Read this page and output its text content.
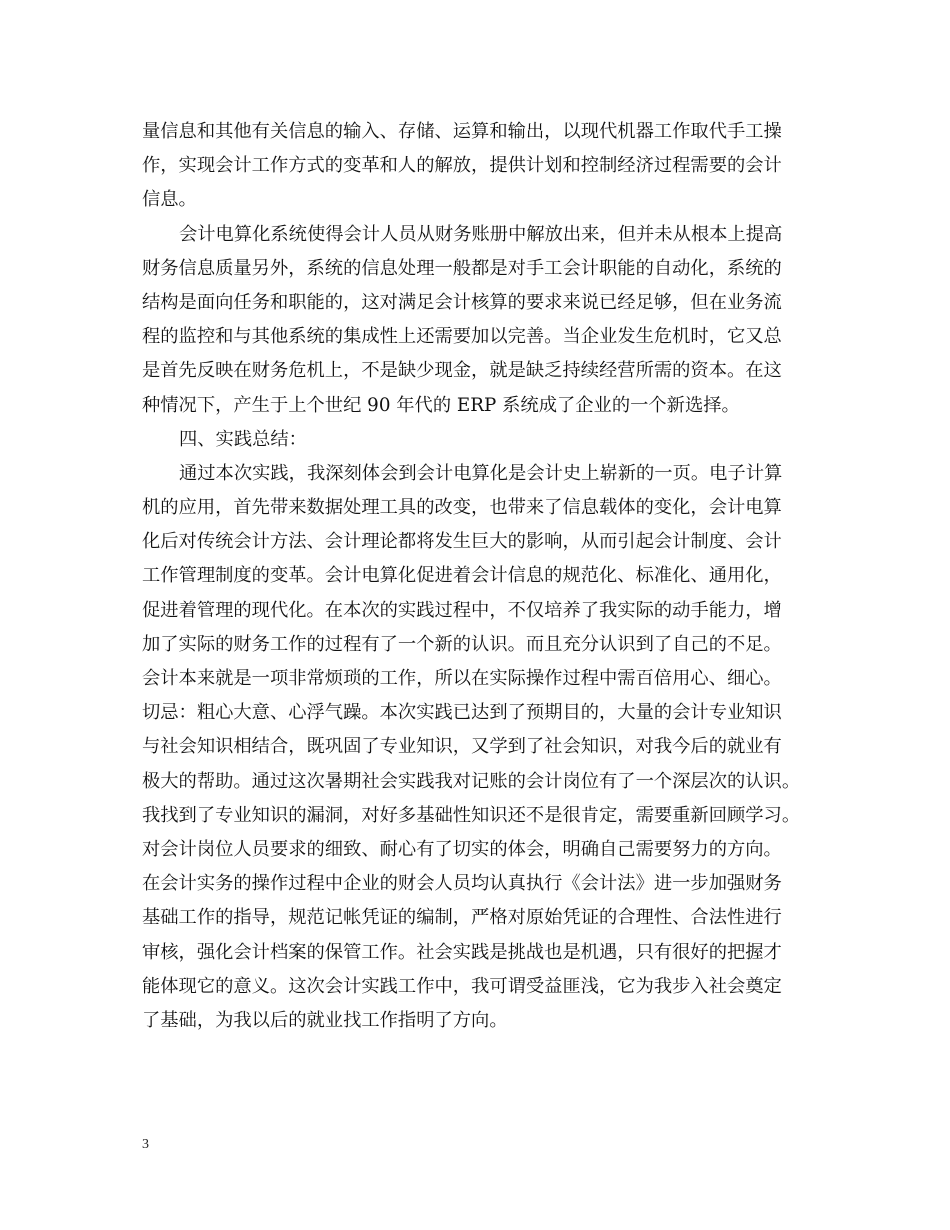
量信息和其他有关信息的输入、存储、运算和输出，以现代机器工作取代手工操
作，实现会计工作方式的变革和人的解放，提供计划和控制经济过程需要的会计
信息。
会计电算化系统使得会计人员从财务账册中解放出来，但并未从根本上提高
财务信息质量另外，系统的信息处理一般都是对手工会计职能的自动化，系统的
结构是面向任务和职能的，这对满足会计核算的要求来说已经足够，但在业务流
程的监控和与其他系统的集成性上还需要加以完善。当企业发生危机时，它又总
是首先反映在财务危机上，不是缺少现金，就是缺乏持续经营所需的资本。在这
种情况下，产生于上个世纪 90 年代的 ERP 系统成了企业的一个新选择。
四、实践总结：
通过本次实践，我深刻体会到会计电算化是会计史上崭新的一页。电子计算
机的应用，首先带来数据处理工具的改变，也带来了信息载体的变化，会计电算
化后对传统会计方法、会计理论都将发生巨大的影响，从而引起会计制度、会计
工作管理制度的变革。会计电算化促进着会计信息的规范化、标准化、通用化，
促进着管理的现代化。在本次的实践过程中，不仅培养了我实际的动手能力，增
加了实际的财务工作的过程有了一个新的认识。而且充分认识到了自己的不足。
会计本来就是一项非常烦琐的工作，所以在实际操作过程中需百倍用心、细心。
切忌：粗心大意、心浮气躁。本次实践已达到了预期目的，大量的会计专业知识
与社会知识相结合，既巩固了专业知识，又学到了社会知识，对我今后的就业有
极大的帮助。通过这次暑期社会实践我对记账的会计岗位有了一个深层次的认识。
我找到了专业知识的漏洞，对好多基础性知识还不是很肯定，需要重新回顾学习。
对会计岗位人员要求的细致、耐心有了切实的体会，明确自己需要努力的方向。
在会计实务的操作过程中企业的财会人员均认真执行《会计法》进一步加强财务
基础工作的指导，规范记帐凭证的编制，严格对原始凭证的合理性、合法性进行
审核，强化会计档案的保管工作。社会实践是挑战也是机遇，只有很好的把握才
能体现它的意义。这次会计实践工作中，我可谓受益匪浅，它为我步入社会奠定
了基础，为我以后的就业找工作指明了方向。
3
